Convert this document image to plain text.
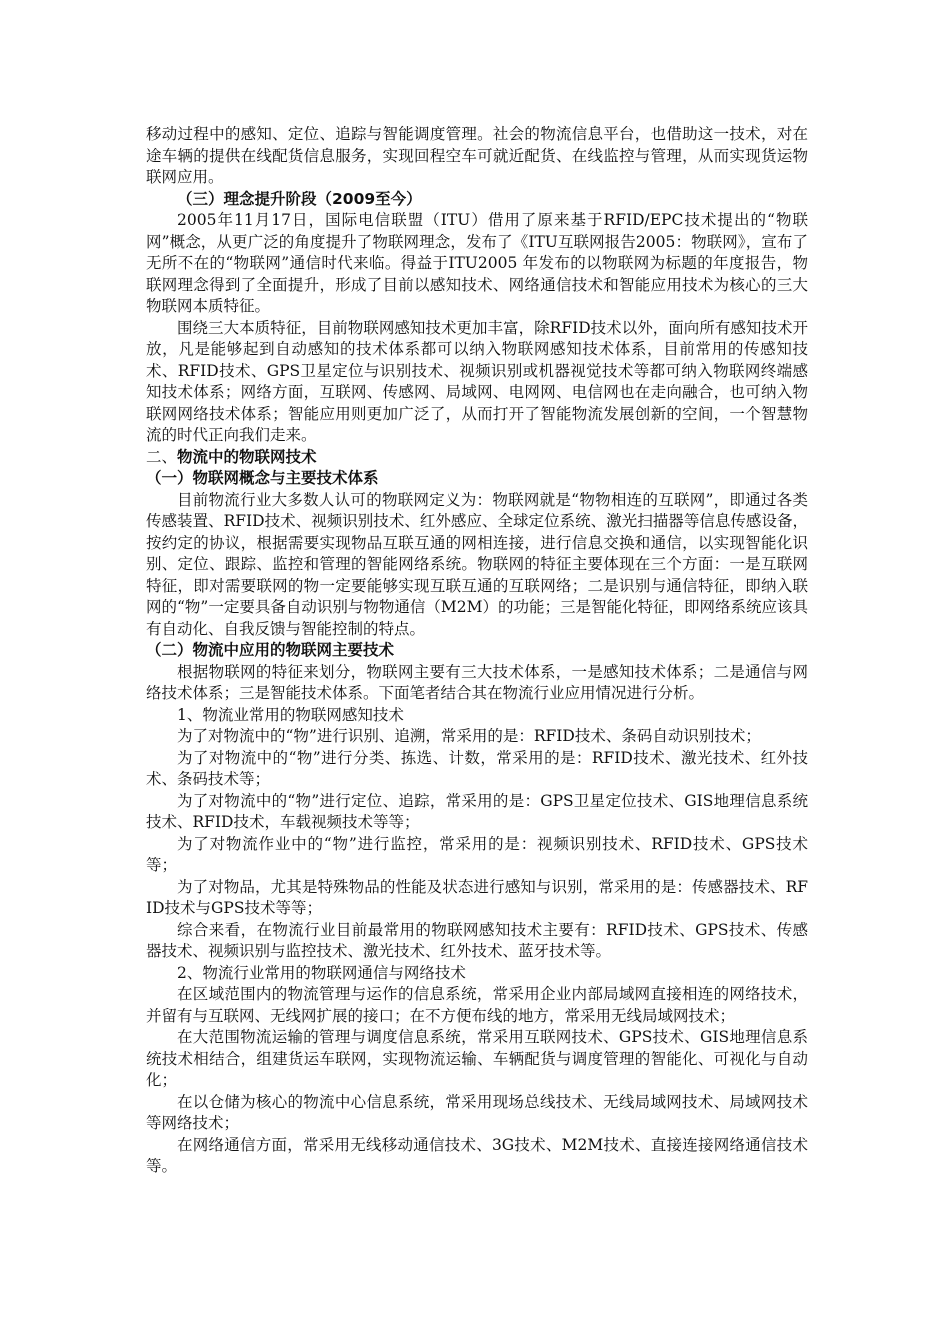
移动过程中的感知、定位、追踪与智能调度管理。社会的物流信息平台，也借助这一技术，对在途车辆的提供在线配货信息服务，实现回程空车可就近配货、在线监控与管理，从而实现货运物联网应用。

（三）理念提升阶段（2009至今）

2005年11月17日，国际电信联盟（ITU）借用了原来基于RFID/EPC技术提出的“物联网”概念，从更广泛的角度提升了物联网理念，发布了《ITU互联网报告2005：物联网》，宣布了无所不在的“物联网”通信时代来临。得益于ITU2005 年发布的以物联网为标题的年度报告，物联网理念得到了全面提升，形成了目前以感知技术、网络通信技术和智能应用技术为核心的三大物联网本质特征。

围绕三大本质特征，目前物联网感知技术更加丰富，除RFID技术以外，面向所有感知技术开放，凡是能够起到自动感知的技术体系都可以纳入物联网感知技术体系，目前常用的传感知技术、RFID技术、GPS卫星定位与识别技术、视频识别或机器视觉技术等都可纳入物联网终端感知技术体系；网络方面，互联网、传感网、局域网、电网网、电信网也在走向融合，也可纳入物联网网络技术体系；智能应用则更加广泛了，从而打开了智能物流发展创新的空间，一个智慧物流的时代正向我们走来。

二、物流中的物联网技术

（一）物联网概念与主要技术体系

目前物流行业大多数人认可的物联网定义为：物联网就是“物物相连的互联网”，即通过各类传感装置、RFID技术、视频识别技术、红外感应、全球定位系统、激光扫描器等信息传感设备，按约定的协议，根据需要实现物品互联互通的网相连接，进行信息交换和通信，以实现智能化识别、定位、跟踪、监控和管理的智能网络系统。物联网的特征主要体现在三个方面：一是互联网特征，即对需要联网的物一定要能够实现互联互通的互联网络；二是识别与通信特征，即纳入联网的“物”一定要具备自动识别与物物通信（M2M）的功能；三是智能化特征，即网络系统应该具有自动化、自我反馈与智能控制的特点。

（二）物流中应用的物联网主要技术

根据物联网的特征来划分，物联网主要有三大技术体系，一是感知技术体系；二是通信与网络技术体系；三是智能技术体系。下面笔者结合其在物流行业应用情况进行分析。

1、物流业常用的物联网感知技术

为了对物流中的“物”进行识别、追溯，常采用的是：RFID技术、条码自动识别技术；

为了对物流中的“物”进行分类、拣选、计数，常采用的是：RFID技术、激光技术、红外技术、条码技术等；

为了对物流中的“物”进行定位、追踪，常采用的是：GPS卫星定位技术、GIS地理信息系统技术、RFID技术，车载视频技术等等；

为了对物流作业中的“物”进行监控，常采用的是：视频识别技术、RFID技术、GPS技术等；

为了对物品，尤其是特殊物品的性能及状态进行感知与识别，常采用的是：传感器技术、RFID技术与GPS技术等等；

综合来看，在物流行业目前最常用的物联网感知技术主要有：RFID技术、GPS技术、传感器技术、视频识别与监控技术、激光技术、红外技术、蓝牙技术等。

2、物流行业常用的物联网通信与网络技术

在区域范围内的物流管理与运作的信息系统，常采用企业内部局域网直接相连的网络技术，并留有与互联网、无线网扩展的接口；在不方便布线的地方，常采用无线局域网技术；

在大范围物流运输的管理与调度信息系统，常采用互联网技术、GPS技术、GIS地理信息系统技术相结合，组建货运车联网，实现物流运输、车辆配货与调度管理的智能化、可视化与自动化；

在以仓储为核心的物流中心信息系统，常采用现场总线技术、无线局域网技术、局域网技术等网络技术；

在网络通信方面，常采用无线移动通信技术、3G技术、M2M技术、直接连接网络通信技术等。
